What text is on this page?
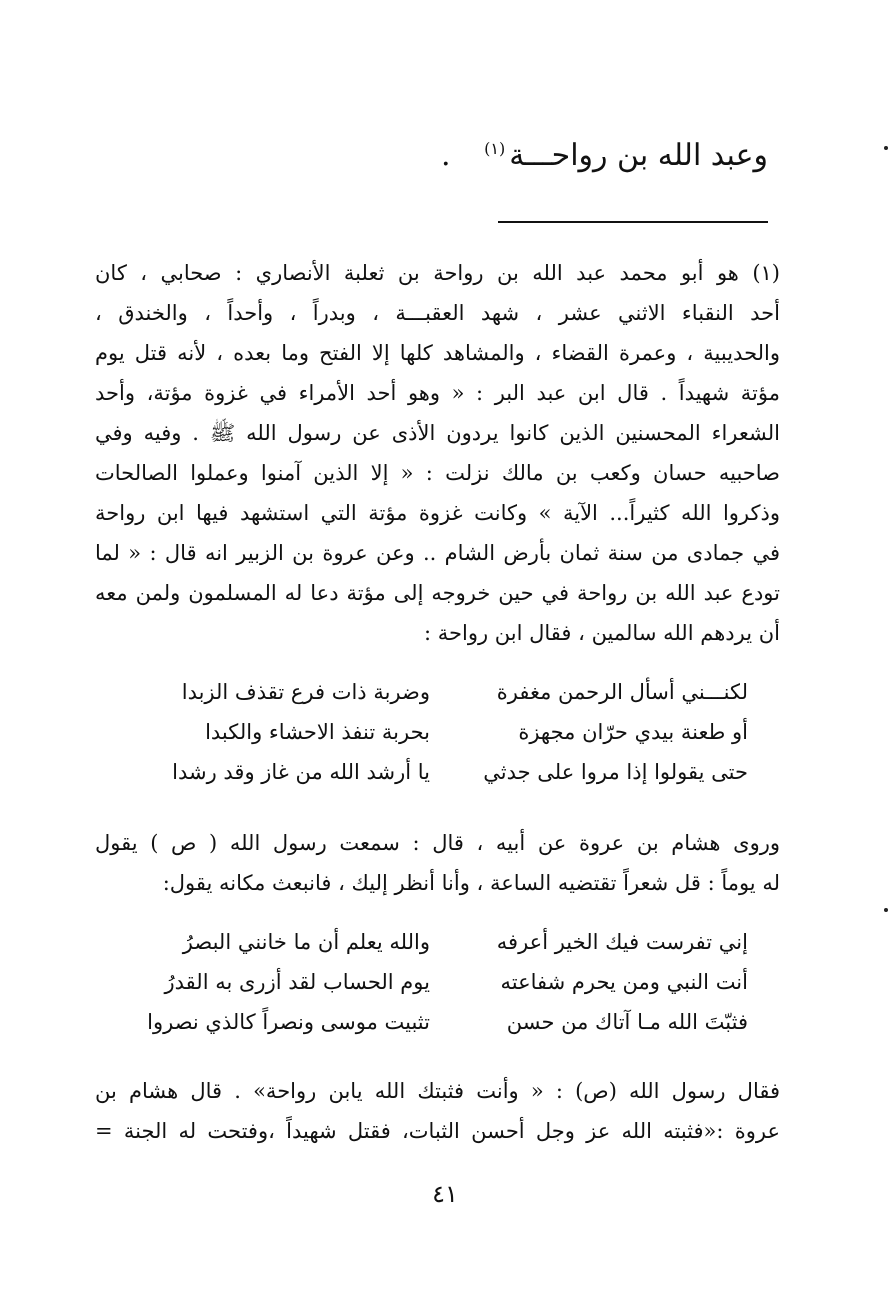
وعبد الله بن رواحـــة$^{(١)}$ .
(١) هو أبو محمد عبد الله بن رواحة بن ثعلبة الأنصاري : صحابي ، كان
أحد النقباء الاثني عشر ، شهد العقبـــة ، وبدراً ، وأحداً ، والخندق ،
والحديبية ، وعمرة القضاء ، والمشاهد كلها إلا الفتح وما بعده ، لأنه قتل يوم
مؤتة شهيداً . قال ابن عبد البر : « وهو أحد الأمراء في غزوة مؤتة، وأحد
الشعراء المحسنين الذين كانوا يردون الأذى عن رسول الله ﷺ . وفيه وفي
صاحبيه حسان وكعب بن مالك نزلت : « إلا الذين آمنوا وعملوا الصالحات
وذكروا الله كثيراً... الآية » وكانت غزوة مؤتة التي استشهد فيها ابن رواحة
في جمادى من سنة ثمان بأرض الشام .. وعن عروة بن الزبير انه قال : « لما
تودع عبد الله بن رواحة في حين خروجه إلى مؤتة دعا له المسلمون ولمن معه
أن يردهم الله سالمين ، فقال ابن رواحة :
لكنـــني أسأل الرحمن مغفرة
وضربة ذات فرع تقذف الزبدا
أو طعنة بيدي حرّان مجهزة
بحربة تنفذ الاحشاء والكبدا
حتى يقولوا إذا مروا على جدثي
يا أرشد الله من غاز وقد رشدا
وروى هشام بن عروة عن أبيه ، قال : سمعت رسول الله ( ص ) يقول
له يوماً : قل شعراً تقتضيه الساعة ، وأنا أنظر إليك ، فانبعث مكانه يقول:
إني تفرست فيك الخير أعرفه
والله يعلم أن ما خانني البصرُ
أنت النبي ومن يحرم شفاعته
يوم الحساب لقد أزرى به القدرُ
فثبّتَ الله مـا آتاك من حسن
تثبيت موسى ونصراً كالذي نصروا
فقال رسول الله (ص) : « وأنت فثبتك الله يابن رواحة» . قال هشام بن
عروة :«فثبته الله عز وجل أحسن الثبات، فقتل شهيداً ،وفتحت له الجنة =
٤١
